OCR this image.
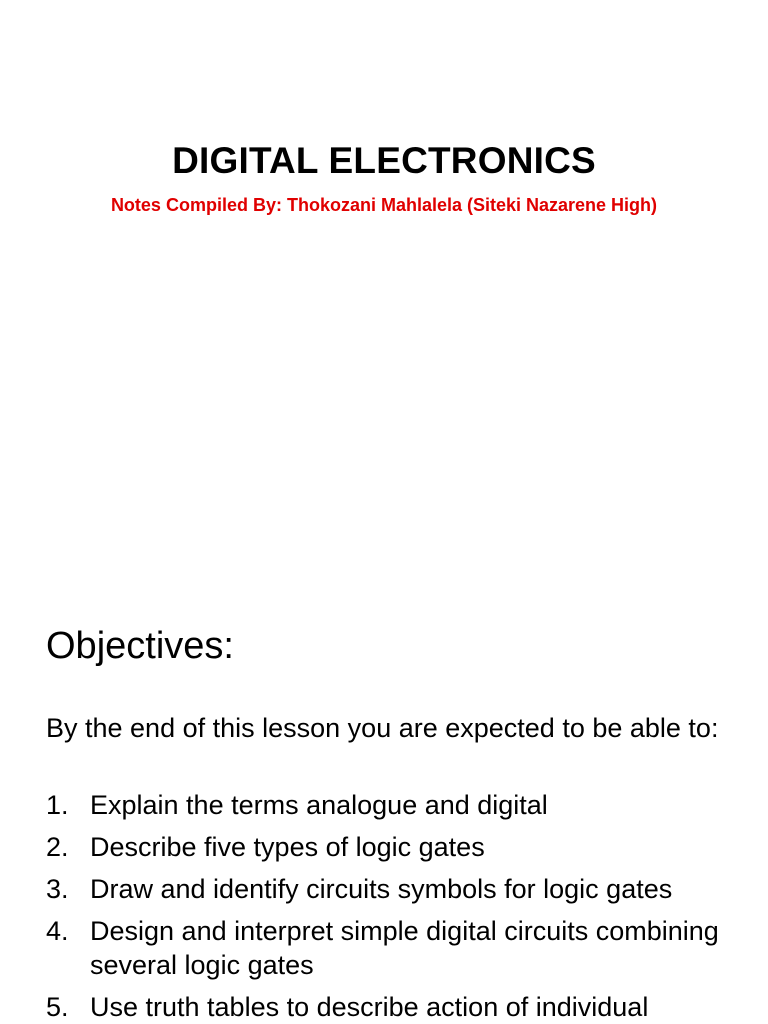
DIGITAL ELECTRONICS
Notes Compiled By: Thokozani Mahlalela (Siteki Nazarene High)
Objectives:
By the end of this lesson you are expected to be able to:
1. Explain the terms analogue and digital
2. Describe five types of logic gates
3. Draw and identify circuits symbols for logic gates
4. Design and interpret simple digital circuits combining several logic gates
5. Use truth tables to describe action of individual
